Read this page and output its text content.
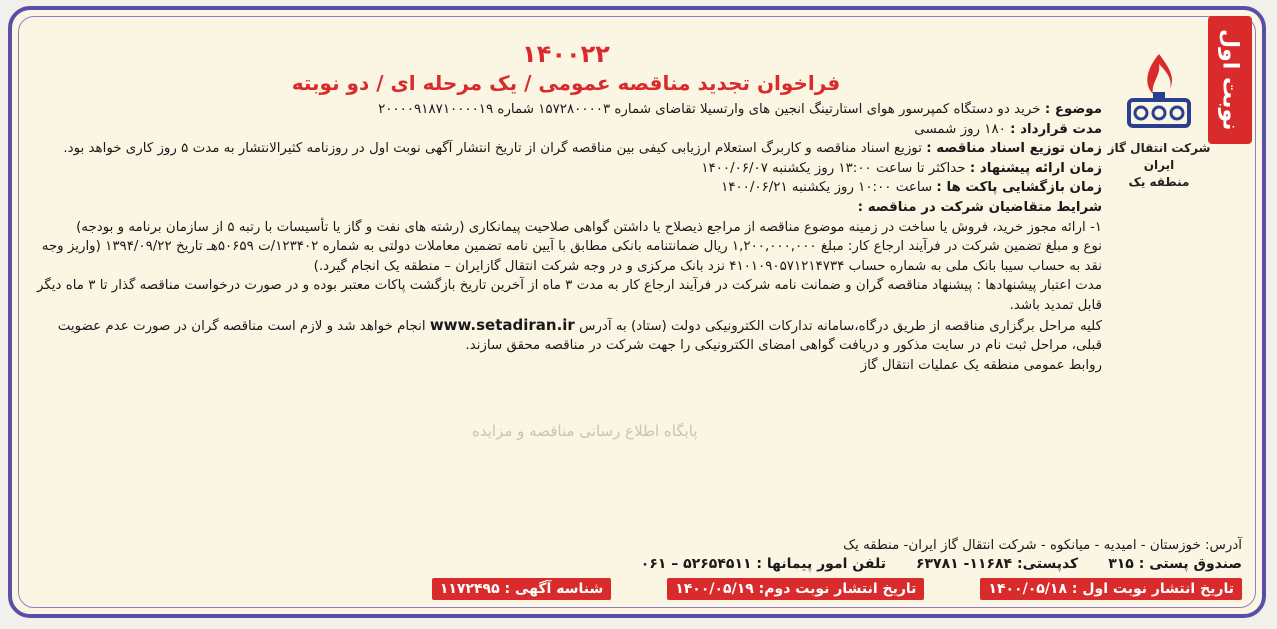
نوبت اول
شرکت انتقال گاز ایران
منطقه یک
۱۴۰۰۲۲
فراخوان تجدید مناقصه عمومی / یک مرحله ای / دو نوبته
موضوع : خرید دو دستگاه کمپرسور هوای استارتینگ انجین های وارتسیلا تقاضای شماره ۱۵۷۲۸۰۰۰۰۳ شماره ۲۰۰۰۰۹۱۸۷۱۰۰۰۰۱۹
مدت قرارداد : ۱۸۰ روز شمسی
زمان توزیع اسناد مناقصه : توزیع اسناد مناقصه و کاربرگ استعلام ارزیابی کیفی بین مناقصه گران از تاریخ انتشار آگهی نوبت اول در روزنامه کثیرالانتشار به مدت ۵ روز کاری خواهد بود.
زمان ارائه پیشنهاد : حداکثر تا ساعت ۱۳:۰۰ روز یکشنبه ۱۴۰۰/۰۶/۰۷
زمان بازگشایی پاکت ها : ساعت ۱۰:۰۰ روز یکشنبه ۱۴۰۰/۰۶/۲۱
شرایط متقاضیان شرکت در مناقصه :
۱- ارائه مجوز خرید، فروش یا ساخت در زمینه موضوع مناقصه از مراجع ذیصلاح یا داشتن گواهی صلاحیت پیمانکاری (رشته های نفت و گاز یا تأسیسات با رتبه ۵ از سازمان برنامه و بودجه)
نوع و مبلغ تضمین شرکت در فرآیند ارجاع کار: مبلغ ۱,۲۰۰,۰۰۰,۰۰۰ ریال ضمانتنامه بانکی مطابق با آیین نامه تضمین معاملات دولتی به شماره ۱۲۳۴۰۲/ت ۵۰۶۵۹هـ تاریخ ۱۳۹۴/۰۹/۲۲ (واریز وجه نقد به حساب سیبا بانک ملی به شماره حساب ۴۱۰۱۰۹۰۵۷۱۲۱۴۷۳۴ نزد بانک مرکزی و در وجه شرکت انتقال گازایران – منطقه یک انجام گیرد.)
مدت اعتبار پیشنهادها : پیشنهاد مناقصه گران و ضمانت نامه شرکت در فرآیند ارجاع کار به مدت ۳ ماه از آخرین تاریخ بازگشت پاکات معتبر بوده و در صورت درخواست مناقصه گذار تا ۳ ماه دیگر قابل تمدید باشد.
کلیه مراحل برگزاری مناقصه از طریق درگاه،سامانه تدارکات الکترونیکی دولت (ستاد) به آدرس www.setadiran.ir انجام خواهد شد و لازم است مناقصه گران در صورت عدم عضویت قبلی، مراحل ثبت نام در سایت مذکور و دریافت گواهی امضای الکترونیکی را جهت شرکت در مناقصه محقق سازند.
روابط عمومی منطقه یک عملیات انتقال گاز
پایگاه اطلاع رسانی مناقصه و مزایده
آدرس: خوزستان - امیدیه - میانکوه - شرکت انتقال گاز ایران- منطقه یک
صندوق پستی : ۳۱۵
کدپستی: ۱۱۶۸۴- ۶۳۷۸۱
تلفن امور پیمانها : ۵۲۶۵۴۵۱۱ – ۰۶۱
تاریخ انتشار نوبت اول : ۱۴۰۰/۰۵/۱۸
تاریخ انتشار نوبت دوم: ۱۴۰۰/۰۵/۱۹
شناسه آگهی : ۱۱۷۲۴۹۵
